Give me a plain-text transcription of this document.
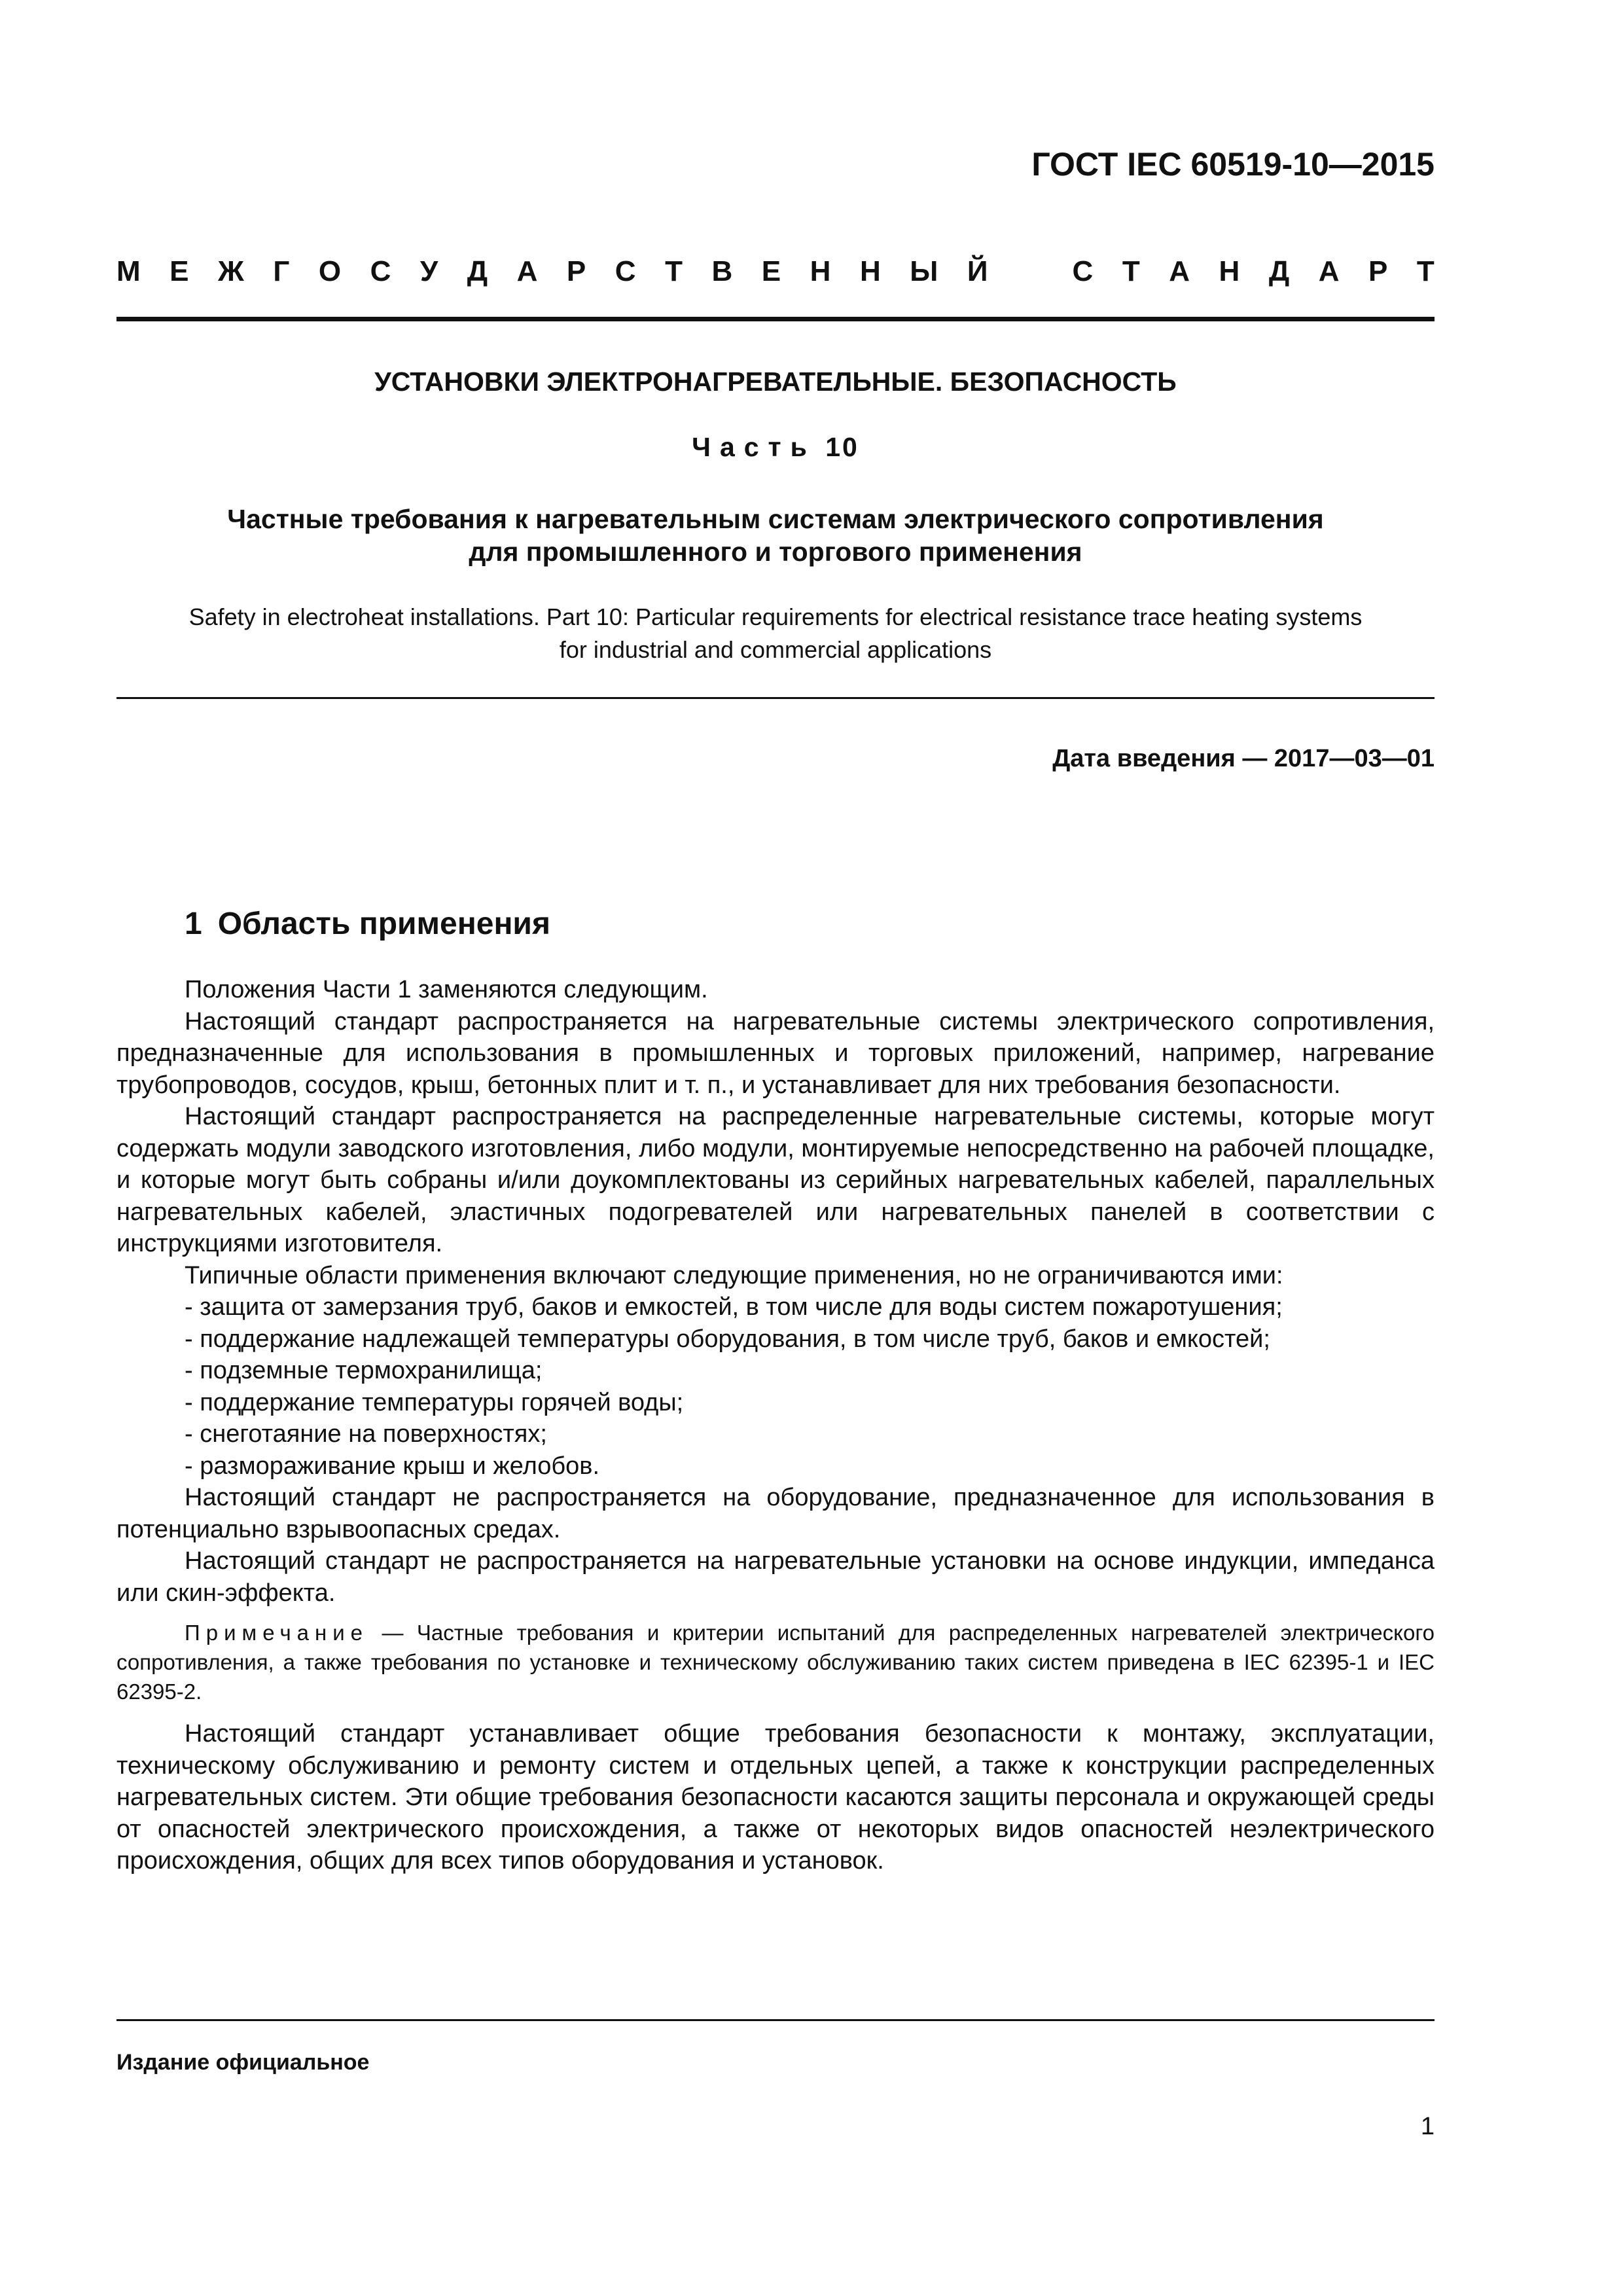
ГОСТ IEC 60519-10—2015
М Е Ж Г О С У Д А Р С Т В Е Н Н Ы Й	С Т А Н Д А Р Т
УСТАНОВКИ ЭЛЕКТРОНАГРЕВАТЕЛЬНЫЕ. БЕЗОПАСНОСТЬ
Часть 10
Частные требования к нагревательным системам электрического сопротивления
для промышленного и торгового применения
Safety in electroheat installations. Part 10: Particular requirements for electrical resistance trace heating systems
for industrial and commercial applications
Дата введения — 2017—03—01
1 Область применения

Положения Части 1 заменяются следующим.

Настоящий стандарт распространяется на нагревательные системы электрического сопротивления, предназначенные для использования в промышленных и торговых приложений, например, нагревание трубопроводов, сосудов, крыш, бетонных плит и т. п., и устанавливает для них требования безопасности.

Настоящий стандарт распространяется на распределенные нагревательные системы, которые могут содержать модули заводского изготовления, либо модули, монтируемые непосредственно на рабочей площадке, и которые могут быть собраны и/или доукомплектованы из серийных нагревательных кабелей, параллельных нагревательных кабелей, эластичных подогревателей или нагревательных панелей в соответствии с инструкциями изготовителя.

Типичные области применения включают следующие применения, но не ограничиваются ими:

- защита от замерзания труб, баков и емкостей, в том числе для воды систем пожаротушения;

- поддержание надлежащей температуры оборудования, в том числе труб, баков и емкостей;

- подземные термохранилища;

- поддержание температуры горячей воды;

- снеготаяние на поверхностях;

- размораживание крыш и желобов.

Настоящий стандарт не распространяется на оборудование, предназначенное для использования в потенциально взрывоопасных средах.

Настоящий стандарт не распространяется на нагревательные установки на основе индукции, импеданса или скин-эффекта.

Примечание — Частные требования и критерии испытаний для распределенных нагревателей электрического сопротивления, а также требования по установке и техническому обслуживанию таких систем приведена в IEC 62395-1 и IEC 62395-2.

Настоящий стандарт устанавливает общие требования безопасности к монтажу, эксплуатации, техническому обслуживанию и ремонту систем и отдельных цепей, а также к конструкции распределенных нагревательных систем. Эти общие требования безопасности касаются защиты персонала и окружающей среды от опасностей электрического происхождения, а также от некоторых видов опасностей неэлектрического происхождения, общих для всех типов оборудования и установок.

Издание официальное
1
